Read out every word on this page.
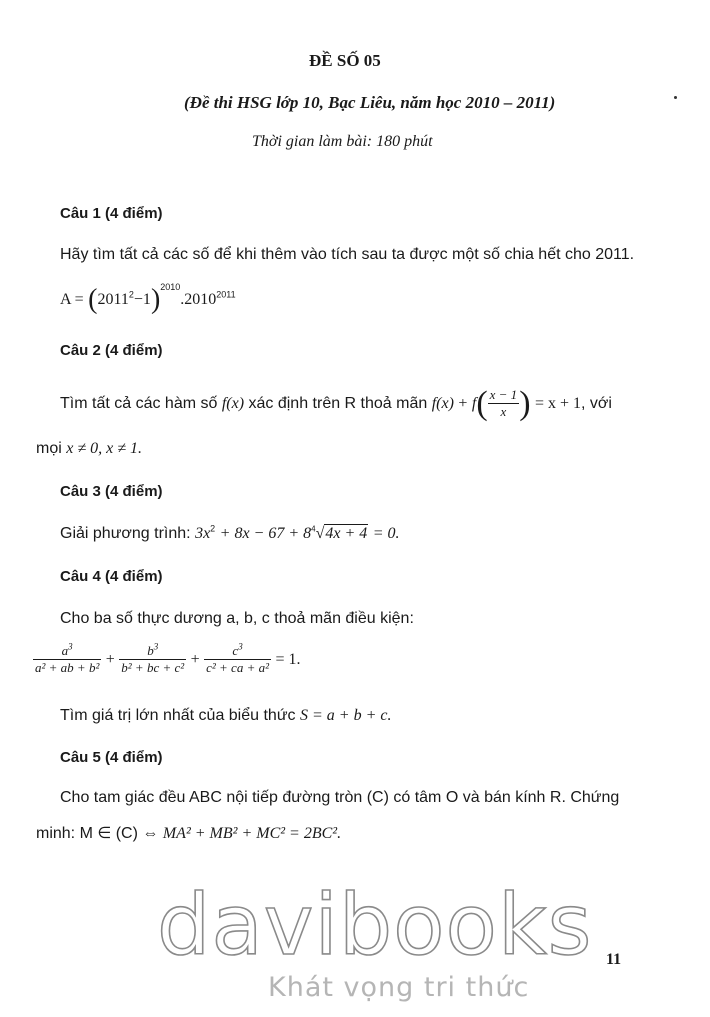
ĐỀ SỐ 05
(Đề thi HSG lớp 10, Bạc Liêu, năm học 2010 – 2011)
Thời gian làm bài: 180 phút
Câu 1 (4 điểm)
Hãy tìm tất cả các số để khi thêm vào tích sau ta được một số chia hết cho 2011.
$A = (2011^2-1)^{2010}.2010^{2011}$
Câu 2 (4 điểm)
Tìm tất cả các hàm số f(x) xác định trên R thoả mãn $f(x) + f( \frac{x - 1}{x}$ ) = x + 1, với
mọi x ≠ 0, x ≠ 1.
Câu 3 (4 điểm)
Giải phương trình: $3x^2 + 8x - 67 + 8^4√4x + 4 = 0$.
Câu 4 (4 điểm)
Cho ba số thực dương a, b, c thoả mãn điều kiện:
$\frac{a^3}{\text{a² + ab + b²}} + \frac{b^3}{\text{b² + bc + c²}} + \frac{c^3}{\text{c² + ca + a²}} = 1$.
Tìm giá trị lớn nhất của biểu thức S = a + b + c.
Câu 5 (4 điểm)
Cho tam giác đều ABC nội tiếp đường tròn (C) có tâm O và bán kính R. Chứng
minh: M ∈ (C) ⇔ MA² + MB² + MC² = 2BC².
davibooks
Khát vọng tri thức
11
